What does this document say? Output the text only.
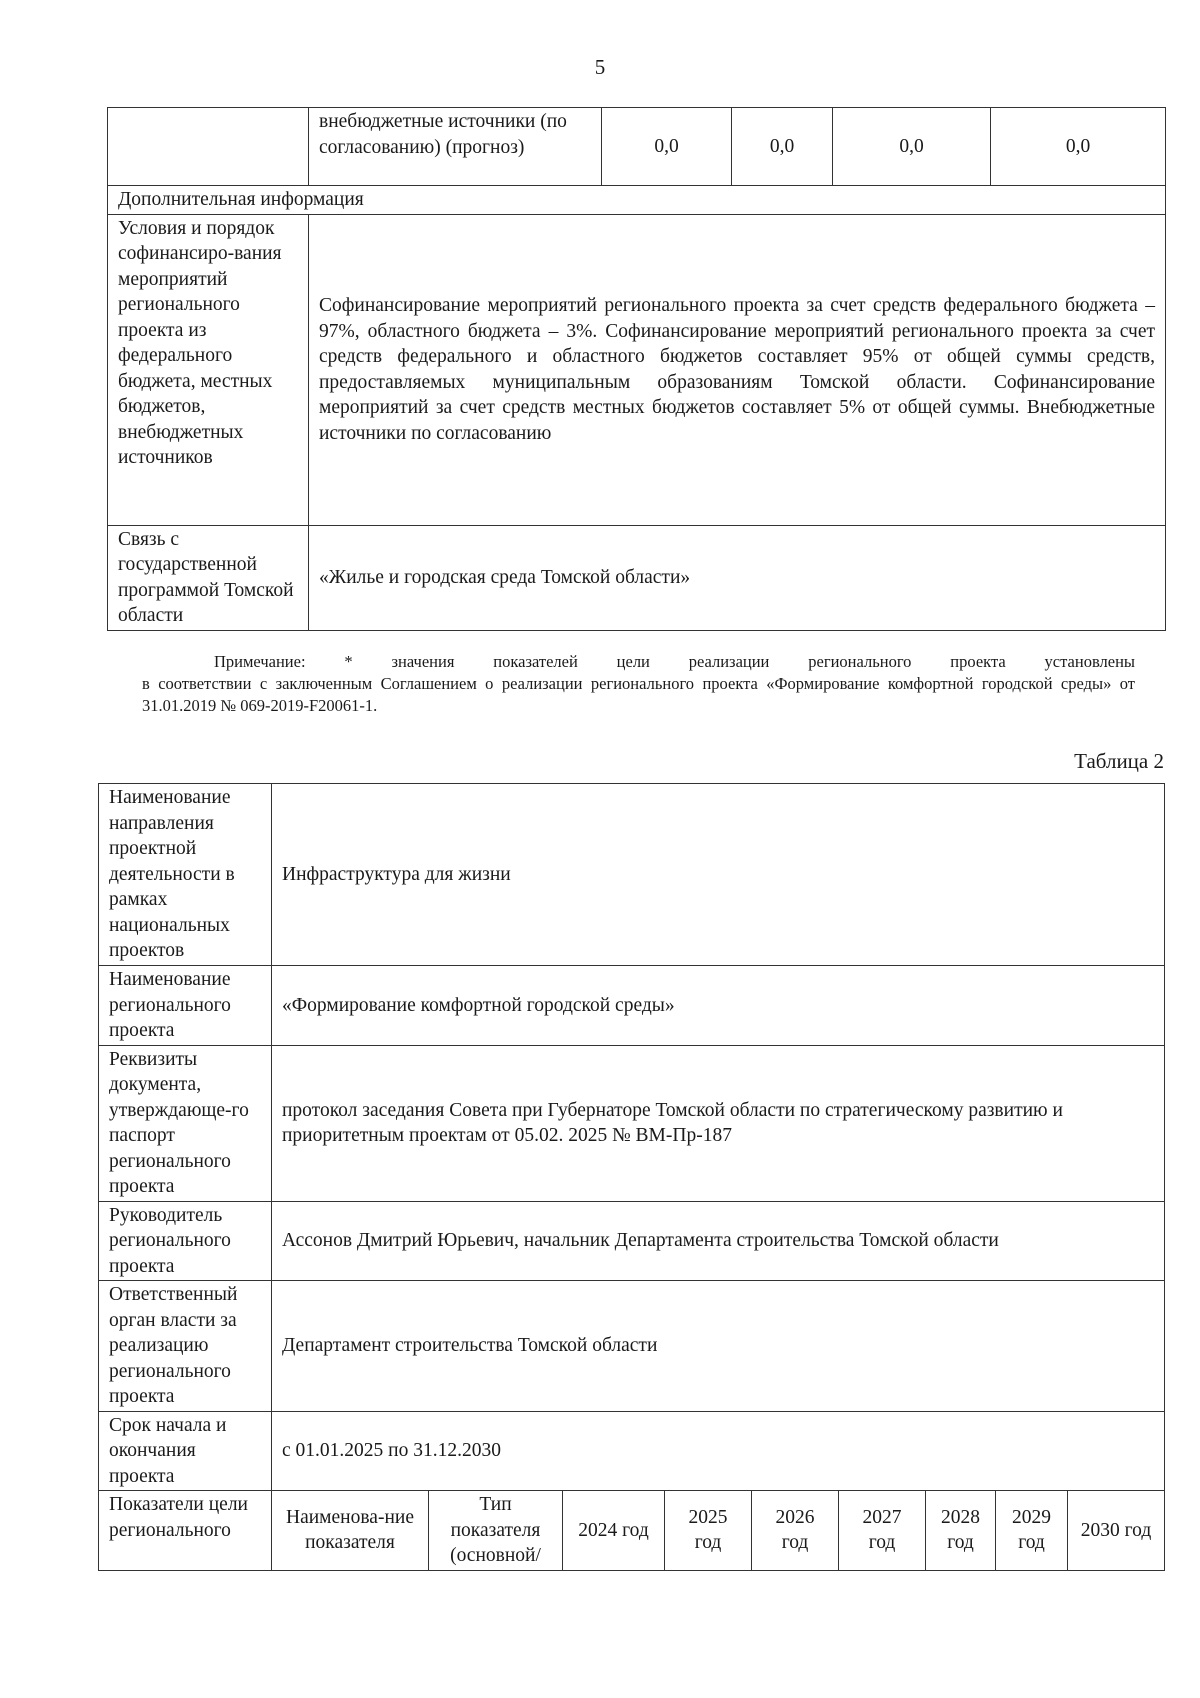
5
	внебюджетные источники (по согласованию) (прогноз)	0,0	0,0	0,0	0,0
Дополнительная информация					
Условия и порядок софинансиро-вания мероприятий регионального проекта из федерального бюджета, местных бюджетов, внебюджетных источников	Софинансирование мероприятий регионального проекта за счет средств федерального бюджета – 97%, областного бюджета – 3%. Софинансирование мероприятий регионального проекта за счет средств федерального и областного бюджетов составляет 95% от общей суммы средств, предоставляемых муниципальным образованиям Томской области. Софинансирование мероприятий за счет средств местных бюджетов составляет 5% от общей суммы. Внебюджетные источники по согласованию				
Связь с государственной программой Томской области	«Жилье и городская среда Томской области»				
Примечание: * значения показателей цели реализации регионального проекта установлены
в соответствии с заключенным Соглашением о реализации регионального проекта «Формирование комфортной городской среды» от 31.01.2019 № 069-2019-F20061-1.
Таблица 2
Наименование направления проектной деятельности в рамках национальных проектов	Инфраструктура для жизни								
Наименование регионального проекта	«Формирование комфортной городской среды»								
Реквизиты документа, утверждающе-го паспорт регионального проекта	протокол заседания Совета при Губернаторе Томской области по стратегическому развитию и приоритетным проектам от 05.02. 2025 № ВМ-Пр-187								
Руководитель регионального проекта	Ассонов Дмитрий Юрьевич, начальник Департамента строительства Томской области								
Ответственный орган власти за реализацию регионального проекта	Департамент строительства Томской области								
Срок начала и окончания проекта	с 01.01.2025 по 31.12.2030								
Показатели цели регионального	Наименова-ние показателя	Тип показателя (основной/	2024 год	2025 год	2026 год	2027 год	2028 год	2029 год	2030 год
